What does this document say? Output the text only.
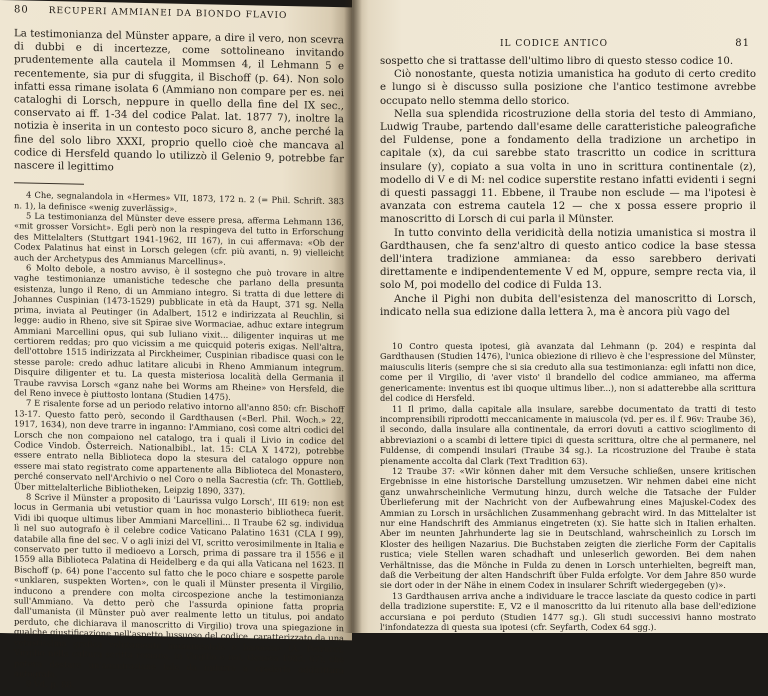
80 RECUPERI AMMIANEI DA BIONDO FLAVIO

La testimonianza del Münster appare, a dire il vero, non scevra di dubbi e di incertezze, come sottolineano invitando prudentemente alla cautela il Mommsen 4, il Lehmann 5 e recentemente, sia pur di sfuggita, il Bischoff (p. 64). Non solo infatti essa rimane isolata 6 (Ammiano non compare per es. nei cataloghi di Lorsch, neppure in quello della fine del IX sec., conservato ai ff. 1-34 del codice Palat. lat. 1877 7), inoltre la notizia è inserita in un contesto poco sicuro 8, anche perché la fine del solo libro XXXI, proprio quello cioè che mancava al codice di Hersfeld quando lo utilizzò il Gelenio 9, potrebbe far nascere il legittimo

4 Che, segnalandola in «Hermes» VII, 1873, 172 n. 2 (= Phil. Schrift. 383 n. 1), la definisce «wenig zuverlässig».

5 La testimonianza del Münster deve essere presa, afferma Lehmann 136, «mit grosser Vorsicht». Egli però non la respingeva del tutto in Erforschung des Mittelalters (Stuttgart 1941-1962, III 167), in cui affermava: «Ob der Codex Palatinus hat einst in Lorsch gelegen (cfr. più avanti, n. 9) vielleicht auch der Archetypus des Ammianus Marcellinus».

6 Molto debole, a nostro avviso, è il sostegno che può trovare in altre vaghe testimonianze umanistiche tedesche che parlano della presunta esistenza, lungo il Reno, di un Ammiano integro. Si tratta di due lettere di Johannes Cuspinian (1473-1529) pubblicate in età da Haupt, 371 sg. Nella prima, inviata al Peutinger (in Adalbert, 1512 e indirizzata al Reuchlin, si legge: audio in Rheno, sive sit Spirae sive Wormaciae, adhuc extare integrum Ammiani Marcellini opus, qui sub Iuliano vixit... diligenter inquiras ut me certiorem reddas; pro quo vicissim a me quicquid poteris exigas. Nell'altra, dell'ottobre 1515 indirizzata al Pirckheimer, Cuspinian ribadisce quasi con le stesse parole: credo adhuc latitare alicubi in Rheno Ammianum integrum. Disquire diligenter et tu. La questa misteriosa località della Germania il Traube ravvisa Lorsch «ganz nahe bei Worms am Rheine» von Hersfeld, die del Reno invece è piuttosto lontana (Studien 1475).

7 E risalente forse ad un periodo relativo intorno all'anno 850: cfr. Bischoff 13-17. Questo fatto però, secondo il Gardthausen («Berl. Phil. Woch.» 22, 1917, 1634), non deve trarre in inganno: l'Ammiano, così come altri codici del Lorsch che non compaiono nel catalogo, tra i quali il Livio in codice del Codice Vindob. Österreich. Nationalbibl., lat. 15: CLA X 1472), potrebbe essere entrato nella Biblioteca dopo la stesura del catalogo oppure non essere mai stato registrato come appartenente alla Biblioteca del Monastero, perché conservato nell'Archivio o nel Coro o nella Sacrestia (cfr. Th. Gottlieb, Über mittelalterliche Bibliotheken, Leipzig 1890, 337).

8 Scrive il Münster a proposito di 'Laurissa vulgo Lorsch', III 619: non est locus in Germania ubi vetustior quam in hoc monasterio bibliotheca fuerit. Vidi ibi quoque ultimus liber Ammiani Marcellini... Il Traube 62 sg. individua lì nel suo autografo è il celebre codice Vaticano Palatino 1631 (CLA I 99), databile alla fine del sec. V o agli inizi del VI, scritto verosimilmente in Italia e conservato per tutto il medioevo a Lorsch, prima di passare tra il 1556 e il 1559 alla Biblioteca Palatina di Heidelberg e da qui alla Vaticana nel 1623. Il Bischoff (p. 64) pone l'accento sul fatto che le poco chiare e sospette parole «unklaren, suspekten Worten», con le quali il Münster presenta il Virgilio, inducono a prendere con molta circospezione anche la testimonianza sull'Ammiano. Va detto però che l'assurda opinione fatta propria dall'umanista (il Münster può aver realmente letto un titulus, poi andato perduto, che dichiarava il manoscritto di Virgilio) trova una spiegazione in qualche giustificazione nell'aspetto lussuoso del codice, caratterizzato da una vetustissima grafica volutamente monumentale e barocca» (A. Petrucci, Virgilio nella cultura scritta romana, in Virgilio e noi, Genova 1982, 67), che poteva destare un'ammirazione tale da indurre a crederlo addirittura autografo.

9 Vd. p. 88.

IL CODICE ANTICO	81

sospetto che si trattasse dell'ultimo libro di questo stesso codice 10.

Ciò nonostante, questa notizia umanistica ha goduto di certo credito e lungo si è discusso sulla posizione che l'antico testimone avrebbe occupato nello stemma dello storico.

Nella sua splendida ricostruzione della storia del testo di Ammiano, Ludwig Traube, partendo dall'esame delle caratteristiche paleografiche del Fuldense, pone a fondamento della tradizione un archetipo in capitale (x), da cui sarebbe stato trascritto un codice in scrittura insulare (y), copiato a sua volta in uno in scrittura continentale (z), modello di V e di M: nel codice superstite restano infatti evidenti i segni di questi passaggi 11. Ebbene, il Traube non esclude — ma l'ipotesi è avanzata con estrema cautela 12 — che x possa essere proprio il manoscritto di Lorsch di cui parla il Münster.

In tutto convinto della veridicità della notizia umanistica si mostra il Gardthausen, che fa senz'altro di questo antico codice la base stessa dell'intera tradizione ammianea: da esso sarebbero derivati direttamente e indipendentemente V ed M, oppure, sempre recta via, il solo M, poi modello del codice di Fulda 13.

Anche il Pighi non dubita dell'esistenza del manoscritto di Lorsch, indicato nella sua edizione dalla lettera λ, ma è ancora più vago del

10 Contro questa ipotesi, già avanzata dal Lehmann (p. 204) e respinta dal Gardthausen (Studien 1476), l'unica obiezione di rilievo è che l'espressione del Münster, maiusculis literis (sempre che si sia creduto alla sua testimonianza: egli infatti non dice, come per il Virgilio, di 'aver visto' il brandello del codice ammianeo, ma afferma genericamente: inventus est ibi quoque ultimus liber...), non si adatterebbe alla scrittura del codice di Hersfeld.

11 Il primo, dalla capitale alla insulare, sarebbe documentato da tratti di testo incomprensibili riprodotti meccanicamente in maiuscola (vd. per es. il f. 96v: Traube 36), il secondo, dalla insulare alla continentale, da errori dovuti a cattivo scioglimento di abbreviazioni o a scambi di lettere tipici di questa scrittura, oltre che al permanere, nel Fuldense, di compendi insulari (Traube 34 sg.). La ricostruzione del Traube è stata pienamente accolta dal Clark (Text Tradition 63).

12 Traube 37: «Wir können daher mit dem Versuche schließen, unsere kritischen Ergebnisse in eine historische Darstellung umzusetzen. Wir nehmen dabei eine nicht ganz unwahrscheinliche Vermutung hinzu, durch welche die Tatsache der Fulder Überlieferung mit der Nachricht von der Aufbewahrung eines Majuskel-Codex des Ammian zu Lorsch in ursächlichen Zusammenhang gebracht wird. In das Mittelalter ist nur eine Handschrift des Ammianus eingetreten (x). Sie hatte sich in Italien erhalten. Aber im neunten Jahrhunderte lag sie in Deutschland, wahrscheinlich zu Lorsch im Kloster des heiligen Nazarius. Die Buchstaben zeigten die zierliche Form der Capitalis rustica; viele Stellen waren schadhaft und unleserlich geworden. Bei dem nahen Verhältnisse, das die Mönche in Fulda zu denen in Lorsch unterhielten, begreift man, daß die Verbeitung der alten Handschrift über Fulda erfolgte. Vor dem Jahre 850 wurde sie dort oder in der Nähe in einem Codex in insularer Schrift wiedergegeben (y)».

13 Gardthausen arriva anche a individuare le tracce lasciate da questo codice in parti della tradizione superstite: E, V2 e il manoscritto da lui ritenuto alla base dell'edizione accursiana e poi perduto (Studien 1477 sg.). Gli studi successivi hanno mostrato l'infondatezza di questa sua ipotesi (cfr. Seyfarth, Codex 64 sgg.).
